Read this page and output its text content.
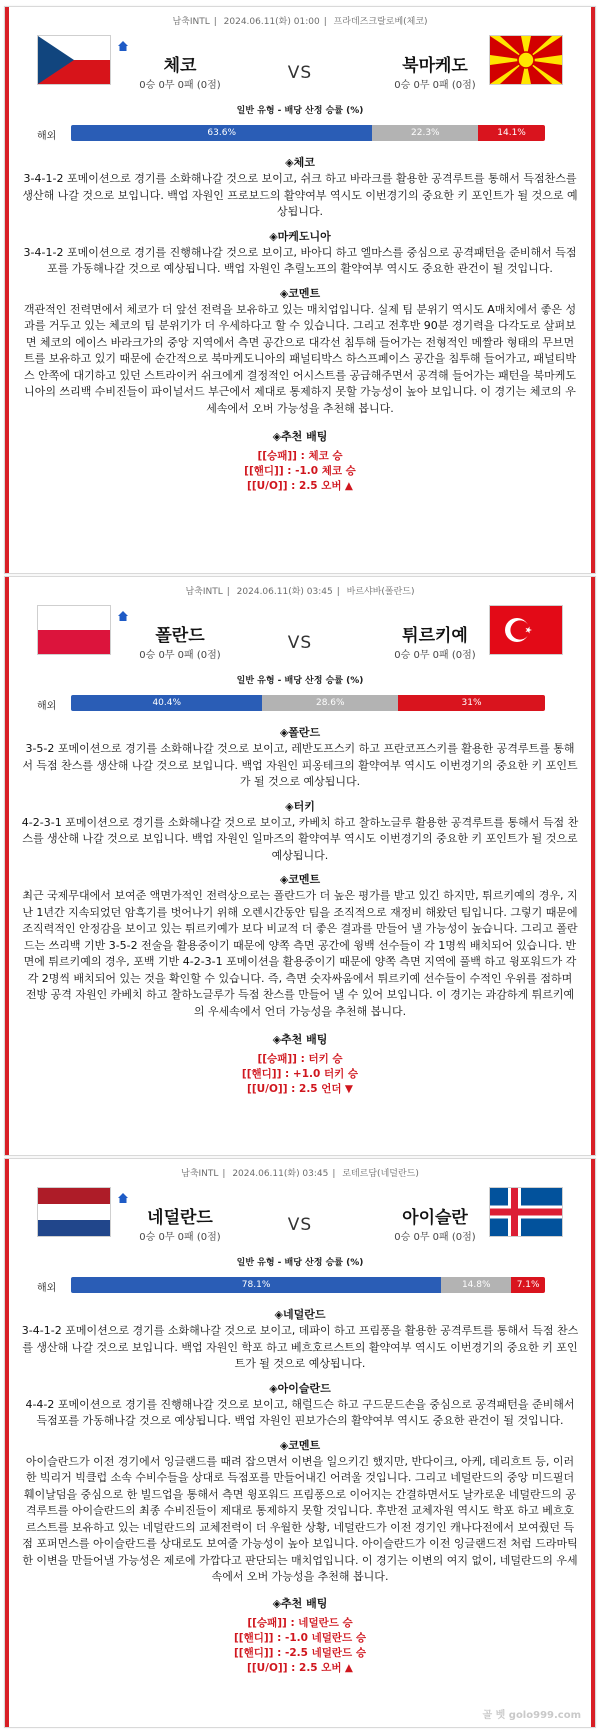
남축INTL | 2024.06.11(화) 01:00 | 프라데즈크랄로베(체코)
체코
0승 0무 0패 (0점)
VS	북마케도
0승 0무 0패 (0점)
일반 유형 - 배당 산정 승률 (%)
해외	63.6%	22.3%	14.1%
◈체코
3-4-1-2 포메이션으로 경기를 소화해나갈 것으로 보이고, 쉬크 하고 바라크를 활용한 공격루트를 통해서 득점찬스를 생산해 나갈 것으로 보입니다. 백업 자원인 프로보드의 활약여부 역시도 이번경기의 중요한 키 포인트가 될 것으로 예상됩니다.
◈마케도니아
3-4-1-2 포메이션으로 경기를 진행해나갈 것으로 보이고, 바아디 하고 엘마스를 중심으로 공격패턴을 준비해서 득점포를 가동해나갈 것으로 예상됩니다. 백업 자원인 추릴노프의 활약여부 역시도 중요한 관건이 될 것입니다.
◈코멘트
객관적인 전력면에서 체코가 더 앞선 전력을 보유하고 있는 매치업입니다. 실제 팀 분위기 역시도 A매치에서 좋은 성과를 거두고 있는 체코의 팀 분위기가 더 우세하다고 할 수 있습니다. 그리고 전후반 90분 경기력을 다각도로 살펴보면 체코의 에이스 바라크가의 중앙 지역에서 측면 공간으로 대각선 침투해 들어가는 전형적인 메짤라 형태의 무브먼트를 보유하고 있기 때문에 순간적으로 북마케도니아의 패널티박스 하스프페이스 공간을 침투해 들어가고, 패널티박스 안쪽에 대기하고 있던 스트라이커 쉬크에게 결정적인 어시스트를 공급해주면서 공격해 들어가는 패턴을 북마케도니아의 쓰리백 수비진들이 파이널서드 부근에서 제대로 통제하지 못할 가능성이 높아 보입니다. 이 경기는 체코의 우세속에서 오버 가능성을 추천해 봅니다.
◈추천 배팅
[[승패]] : 체코 승
[[핸디]] : -1.0 체코 승
[[U/O]] : 2.5 오버 ▲
남축INTL | 2024.06.11(화) 03:45 | 바르샤바(폴란드)
폴란드
0승 0무 0패 (0점)
VS	튀르키예
0승 0무 0패 (0점)
일반 유형 - 배당 산정 승률 (%)
해외	40.4%	28.6%	31%
◈폴란드
3-5-2 포메이션으로 경기를 소화해나갈 것으로 보이고, 레반도프스키 하고 프란코프스키를 활용한 공격루트를 통해서 득점 찬스를 생산해 나갈 것으로 보입니다. 백업 자원인 피옹테크의 활약여부 역시도 이번경기의 중요한 키 포인트가 될 것으로 예상됩니다.
◈터키
4-2-3-1 포메이션으로 경기를 소화해나갈 것으로 보이고, 카베치 하고 찰하노글루 활용한 공격루트를 통해서 득점 찬스를 생산해 나갈 것으로 보입니다. 백업 자원인 일마즈의 활약여부 역시도 이번경기의 중요한 키 포인트가 될 것으로 예상됩니다.
◈코멘트
최근 국제무대에서 보여준 액면가적인 전력상으로는 폴란드가 더 높은 평가를 받고 있긴 하지만, 튀르키예의 경우, 지난 1년간 지속되었던 암흑기를 벗어나기 위해 오렌시간동안 팀을 조직적으로 재정비 해왔던 팀입니다. 그렇기 때문에 조직력적인 안정감을 보이고 있는 튀르키예가 보다 비교적 더 좋은 결과를 만들어 낼 가능성이 높습니다. 그리고 폴란드는 쓰리백 기반 3-5-2 전술을 활용중이기 때문에 양쪽 측면 공간에 윙백 선수들이 각 1명씩 배치되어 있습니다. 반면에 튀르키예의 경우, 포백 기반 4-2-3-1 포메이션을 활용중이기 때문에 양쪽 측면 지역에 풀백 하고 윙포워드가 각각 2명씩 배치되어 있는 것을 확인할 수 있습니다. 즉, 측면 숫자싸움에서 튀르키예 선수들이 수적인 우위를 점하며 전방 공격 자원인 카베치 하고 찰하노글루가 득점 찬스를 만들어 낼 수 있어 보입니다. 이 경기는 과감하게 튀르키예의 우세속에서 언더 가능성을 추천해 봅니다.
◈추천 배팅
[[승패]] : 터키 승
[[핸디]] : +1.0 터키 승
[[U/O]] : 2.5 언더 ▼
남축INTL | 2024.06.11(화) 03:45 | 로테르담(네덜란드)
네덜란드
0승 0무 0패 (0점)
VS	아이슬란
0승 0무 0패 (0점)
일반 유형 - 배당 산정 승률 (%)
해외	78.1%	14.8%	7.1%
◈네덜란드
3-4-1-2 포메이션으로 경기를 소화해나갈 것으로 보이고, 데파이 하고 프림퐁을 활용한 공격루트를 통해서 득점 찬스를 생산해 나갈 것으로 보입니다. 백업 자원인 학포 하고 베흐호르스트의 활약여부 역시도 이번경기의 중요한 키 포인트가 될 것으로 예상됩니다.
◈아이슬란드
4-4-2 포메이션으로 경기를 진행해나갈 것으로 보이고, 해럴드슨 하고 구드문드손을 중심으로 공격패턴을 준비해서 득점포를 가동해나갈 것으로 예상됩니다. 백업 자원인 핀보가슨의 활약여부 역시도 중요한 관건이 될 것입니다.
◈코멘트
아이슬란드가 이전 경기에서 잉글랜드를 때려 잡으면서 이변을 일으키긴 했지만, 반다이크, 아케, 데리흐트 등, 이러한 빅리거 빅클럽 소속 수비수들을 상대로 득점포를 만들어내긴 어려울 것입니다. 그리고 네덜란드의 중앙 미드필더 훼이날덤을 중심으로 한 빌드업을 통해서 측면 윙포워드 프림퐁으로 이어지는 간결하면서도 날카로운 네덜란드의 공격루트를 아이슬란드의 최종 수비진들이 제대로 통제하지 못할 것입니다. 후반전 교체자원 역시도 학포 하고 베흐호르스트를 보유하고 있는 네덜란드의 교체전력이 더 우월한 상황, 네덜란드가 이전 경기인 캐나다전에서 보여줬던 득점 포퍼먼스를 아이슬란드를 상대로도 보여줄 가능성이 높아 보입니다. 아이슬란드가 이전 잉글랜드전 처럼 드라마틱한 이변을 만들어낼 가능성은 제로에 가깝다고 판단되는 매치업입니다. 이 경기는 이변의 여지 없이, 네덜란드의 우세속에서 오버 가능성을 추천해 봅니다.
◈추천 배팅
[[승패]] : 네덜란드 승
[[핸디]] : -1.0 네덜란드 승
[[핸디]] : -2.5 네덜란드 승
[[U/O]] : 2.5 오버 ▲
골 벳 golo999.com
